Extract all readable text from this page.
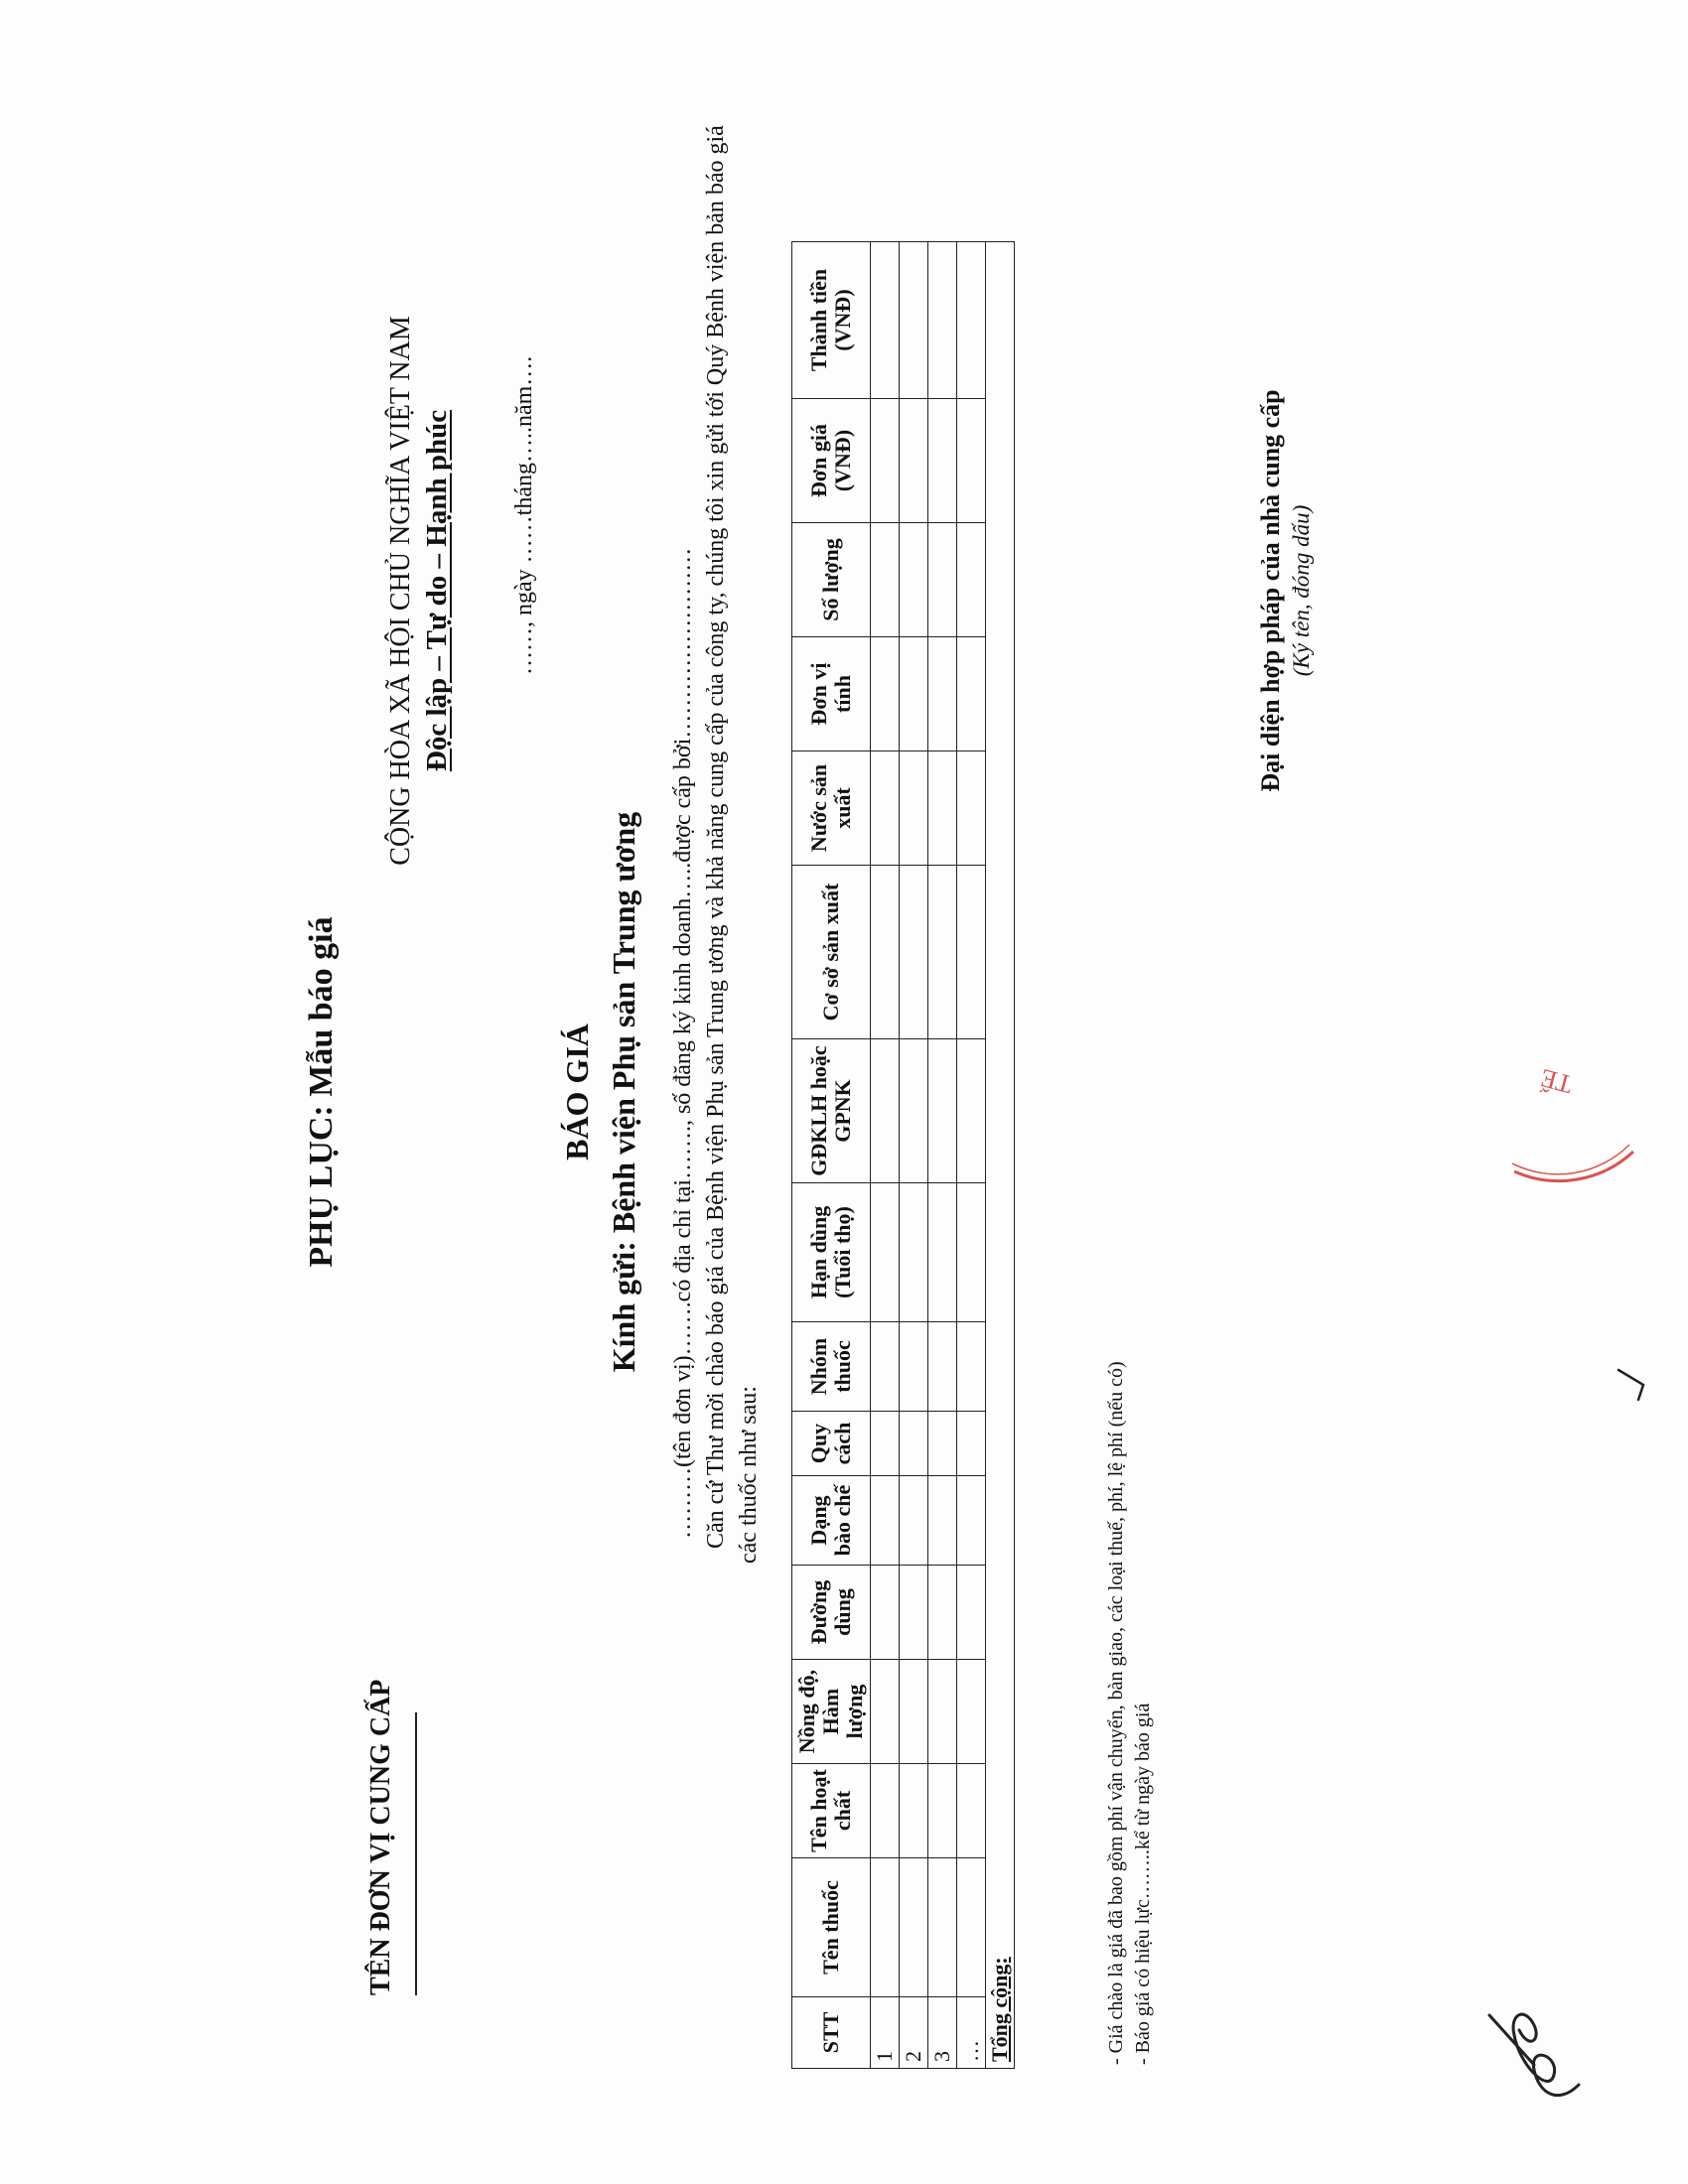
PHỤ LỤC: Mẫu báo giá
TÊN ĐƠN VỊ CUNG CẤP
CỘNG HÒA XÃ HỘI CHỦ NGHĨA VIỆT NAM Độc lập – Tự do – Hạnh phúc ……, ngày ……tháng…..năm….
BÁO GIÁ Kính gửi: Bệnh viện Phụ sản Trung ương ………(tên đơn vị)…….có địa chỉ tại……., số đăng ký kinh doanh…..được cấp bởi…………………… Căn cứ Thư mời chào báo giá của Bệnh viện Phụ sản Trung ương và khả năng cung cấp của công ty, chúng tôi xin gửi tới Quý Bệnh viện bản báo giá các thuốc như sau:
STT	Tên thuốc	Tên hoạt chất	Nồng độ, Hàm lượng	Đường dùng	Dạng bào chế	Quy cách	Nhóm thuốc	Hạn dùng (Tuổi thọ)	GĐKLH hoặc GPNK	Cơ sở sản xuất	Nước sản xuất	Đơn vị tính	Số lượng	Đơn giá (VNĐ)	Thành tiền (VNĐ)
1															
2															
3															
…															
Tổng cộng:																- Giá chào là giá đã bao gồm phí vận chuyển, bàn giao, các loại thuế, phí, lệ phí (nếu có) - Báo giá có hiệu lực……..kể từ ngày báo giá
Đại diện hợp pháp của nhà cung cấp (Ký tên, đóng dấu)
TẾ
